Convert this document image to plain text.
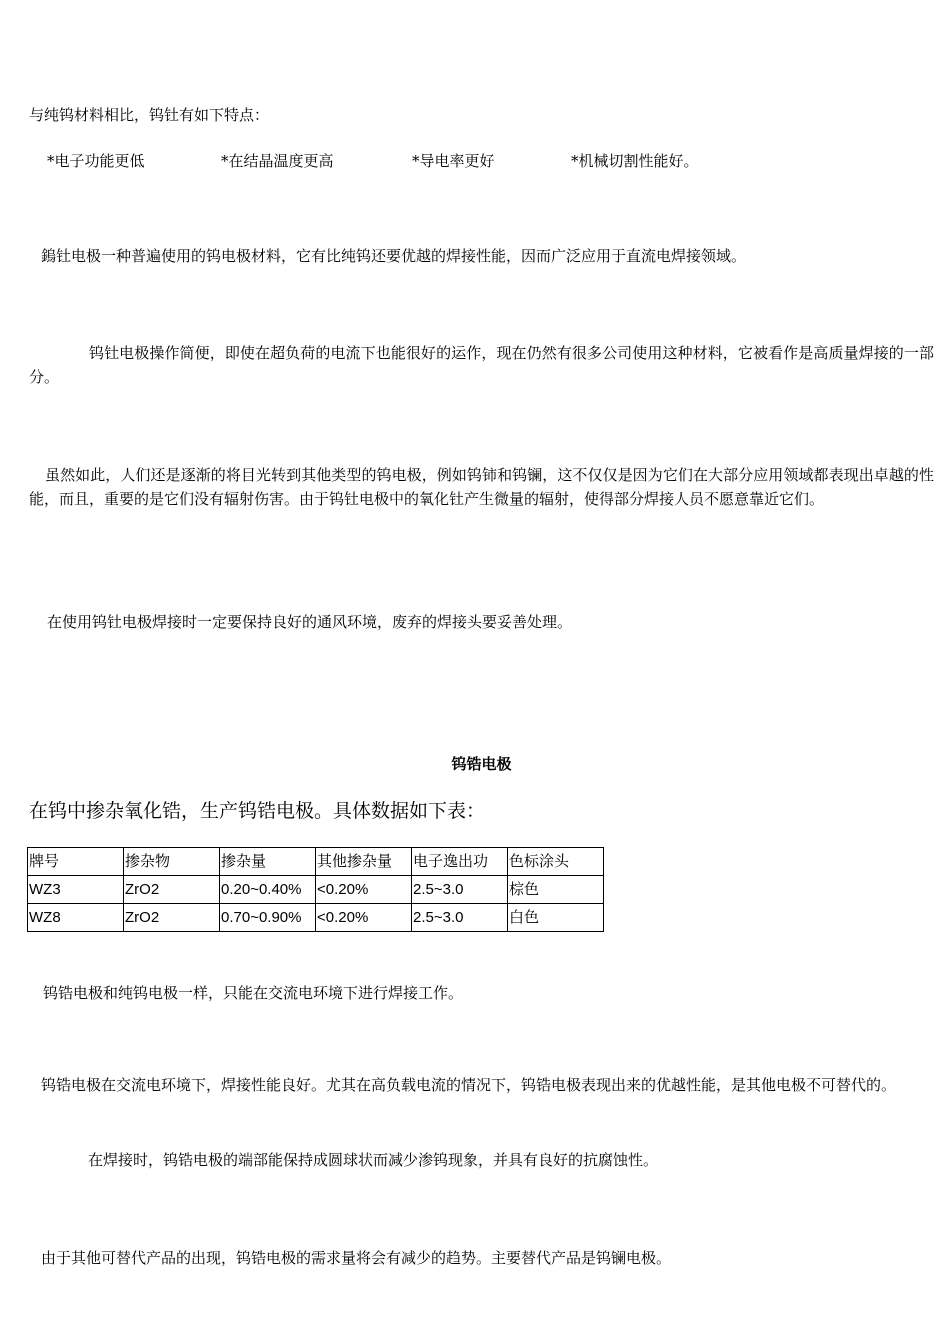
与纯钨材料相比，钨钍有如下特点：
*电子功能更低	*在结晶温度更高	*导电率更好	*机械切割性能好。
鎢钍电极一种普遍使用的钨电极材料，它有比纯钨还要优越的焊接性能，因而广泛应用于直流电焊接领域。
钨钍电极操作简便，即使在超负荷的电流下也能很好的运作，现在仍然有很多公司使用这种材料，它被看作是高质量焊接的一部分。
虽然如此，人们还是逐渐的将目光转到其他类型的钨电极，例如钨铈和钨镧，这不仅仅是因为它们在大部分应用领域都表现出卓越的性能，而且，重要的是它们没有辐射伤害。由于钨钍电极中的氧化钍产生微量的辐射，使得部分焊接人员不愿意靠近它们。
在使用钨钍电极焊接时一定要保持良好的通风环境，废弃的焊接头要妥善处理。
钨锆电极
在钨中掺杂氧化锆，生产钨锆电极。具体数据如下表：
牌号	掺杂物	掺杂量	其他掺杂量	电子逸出功	色标涂头
WZ3	ZrO2	0.20~0.40%	<0.20%	2.5~3.0	棕色
WZ8	ZrO2	0.70~0.90%	<0.20%	2.5~3.0	白色
钨锆电极和纯钨电极一样，只能在交流电环境下进行焊接工作。
钨锆电极在交流电环境下，焊接性能良好。尤其在高负载电流的情况下，钨锆电极表现出来的优越性能，是其他电极不可替代的。
在焊接时，钨锆电极的端部能保持成圆球状而减少渗钨现象，并具有良好的抗腐蚀性。
由于其他可替代产品的出现，钨锆电极的需求量将会有减少的趋势。主要替代产品是钨镧电极。
